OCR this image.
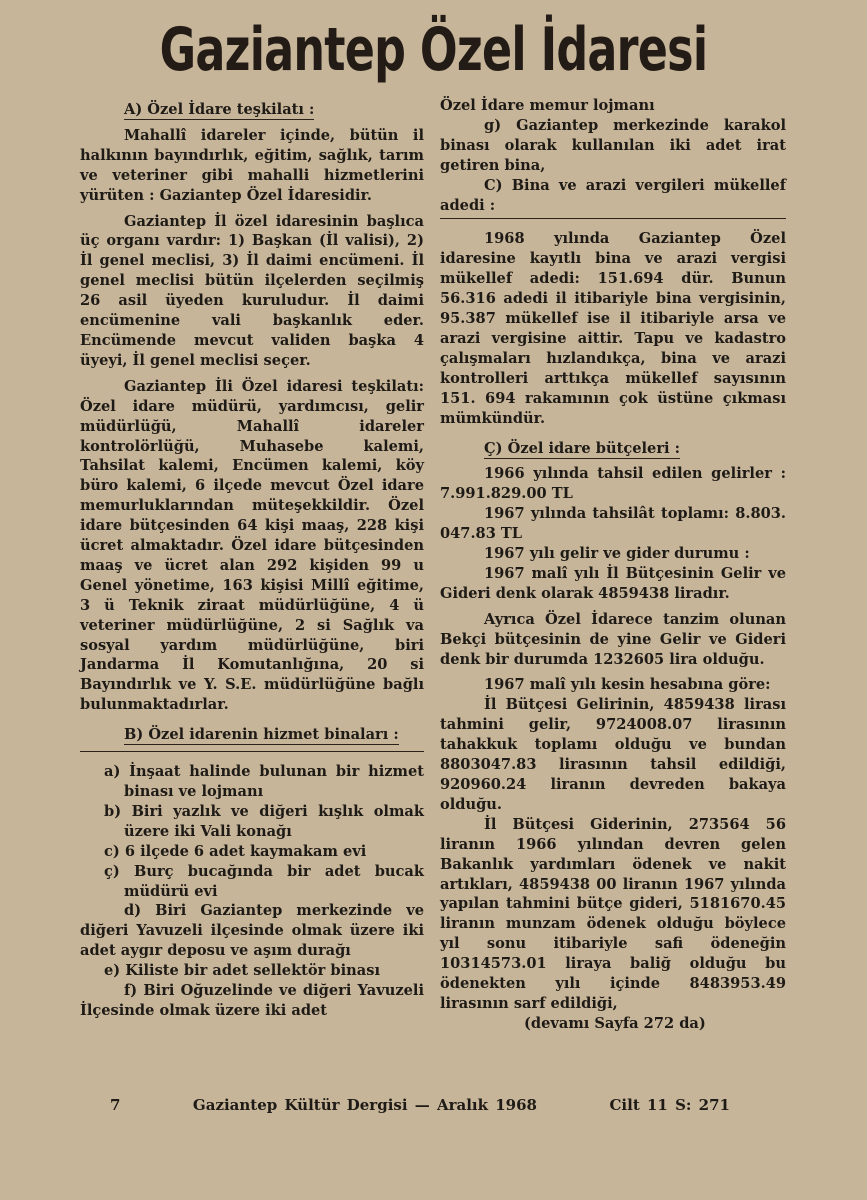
Gaziantep Özel İdaresi
A) Özel İdare teşkilatı :

Mahallî idareler içinde, bütün il halkının bayındırlık, eğitim, sağlık, tarım ve veteriner gibi mahalli hizmetlerini yürüten : Gaziantep Özel İdaresidir.

Gaziantep İl özel idaresinin başlıca üç organı vardır: 1) Başkan (İl valisi), 2) İl genel meclisi, 3) İl daimi encümeni. İl genel meclisi bütün ilçelerden seçilmiş 26 asil üyeden kuruludur. İl daimi encümenine vali başkanlık eder. Encümende mevcut validen başka 4 üyeyi, İl genel meclisi seçer.

Gaziantep İli Özel idaresi teşkilatı: Özel idare müdürü, yardımcısı, gelir müdürlüğü, Mahallî idareler kontrolörlüğü, Muhasebe kalemi, Tahsilat kalemi, Encümen kalemi, köy büro kalemi, 6 ilçede mevcut Özel idare memurluklarından müteşekkildir. Özel idare bütçesinden 64 kişi maaş, 228 kişi ücret almaktadır. Özel idare bütçesinden maaş ve ücret alan 292 kişiden 99 u Genel yönetime, 163 kişisi Millî eğitime, 3 ü Teknik ziraat müdürlüğüne, 4 ü veteriner müdürlüğüne, 2 si Sağlık va sosyal yardım müdürlüğüne, biri Jandarma İl Komutanlığına, 20 si Bayındırlık ve Y. S.E. müdürlüğüne bağlı bulunmaktadırlar.

B) Özel idarenin hizmet binaları :

a) İnşaat halinde bulunan bir hizmet binası ve lojmanı

b) Biri yazlık ve diğeri kışlık olmak üzere iki Vali konağı

c) 6 ilçede 6 adet kaymakam evi

ç) Burç bucağında bir adet bucak müdürü evi

d) Biri Gaziantep merkezinde ve diğeri Yavuzeli ilçesinde olmak üzere iki adet aygır deposu ve aşım durağı

e) Kiliste bir adet sellektör binası

f) Biri Oğuzelinde ve diğeri Yavuzeli İlçesinde olmak üzere iki adet

Özel İdare memur lojmanı

g) Gaziantep merkezinde karakol binası olarak kullanılan iki adet irat getiren bina,

C) Bina ve arazi vergileri mükellef adedi :

1968 yılında Gaziantep Özel idaresine kayıtlı bina ve arazi vergisi mükellef adedi: 151.694 dür. Bunun 56.316 adedi il itibariyle bina vergisinin, 95.387 mükellef ise il itibariyle arsa ve arazi vergisine aittir. Tapu ve kadastro çalışmaları hızlandıkça, bina ve arazi kontrolleri arttıkça mükellef sayısının 151. 694 rakamının çok üstüne çıkması mümkündür.

Ç) Özel idare bütçeleri :

1966 yılında tahsil edilen gelirler : 7.991.829.00 TL

1967 yılında tahsilât toplamı: 8.803. 047.83 TL

1967 yılı gelir ve gider durumu :

1967 malî yılı İl Bütçesinin Gelir ve Gideri denk olarak 4859438 liradır.

Ayrıca Özel İdarece tanzim olunan Bekçi bütçesinin de yine Gelir ve Gideri denk bir durumda 1232605 lira olduğu.

1967 malî yılı kesin hesabına göre:

İl Bütçesi Gelirinin, 4859438 lirası tahmini gelir, 9724008.07 lirasının tahakkuk toplamı olduğu ve bundan 8803047.83 lirasının tahsil edildiği, 920960.24 liranın devreden bakaya olduğu.

İl Bütçesi Giderinin, 273564 56 liranın 1966 yılından devren gelen Bakanlık yardımları ödenek ve nakit artıkları, 4859438 00 liranın 1967 yılında yapılan tahmini bütçe gideri, 5181670.45 liranın munzam ödenek olduğu böylece yıl sonu itibariyle safi ödeneğin 10314573.01 liraya baliğ olduğu bu ödenekten yılı içinde 8483953.49 lirasının sarf edildiği,

(devamı Sayfa 272 da)

7	Gaziantep Kültür Dergisi — Aralık 1968	Cilt 11 S: 271
